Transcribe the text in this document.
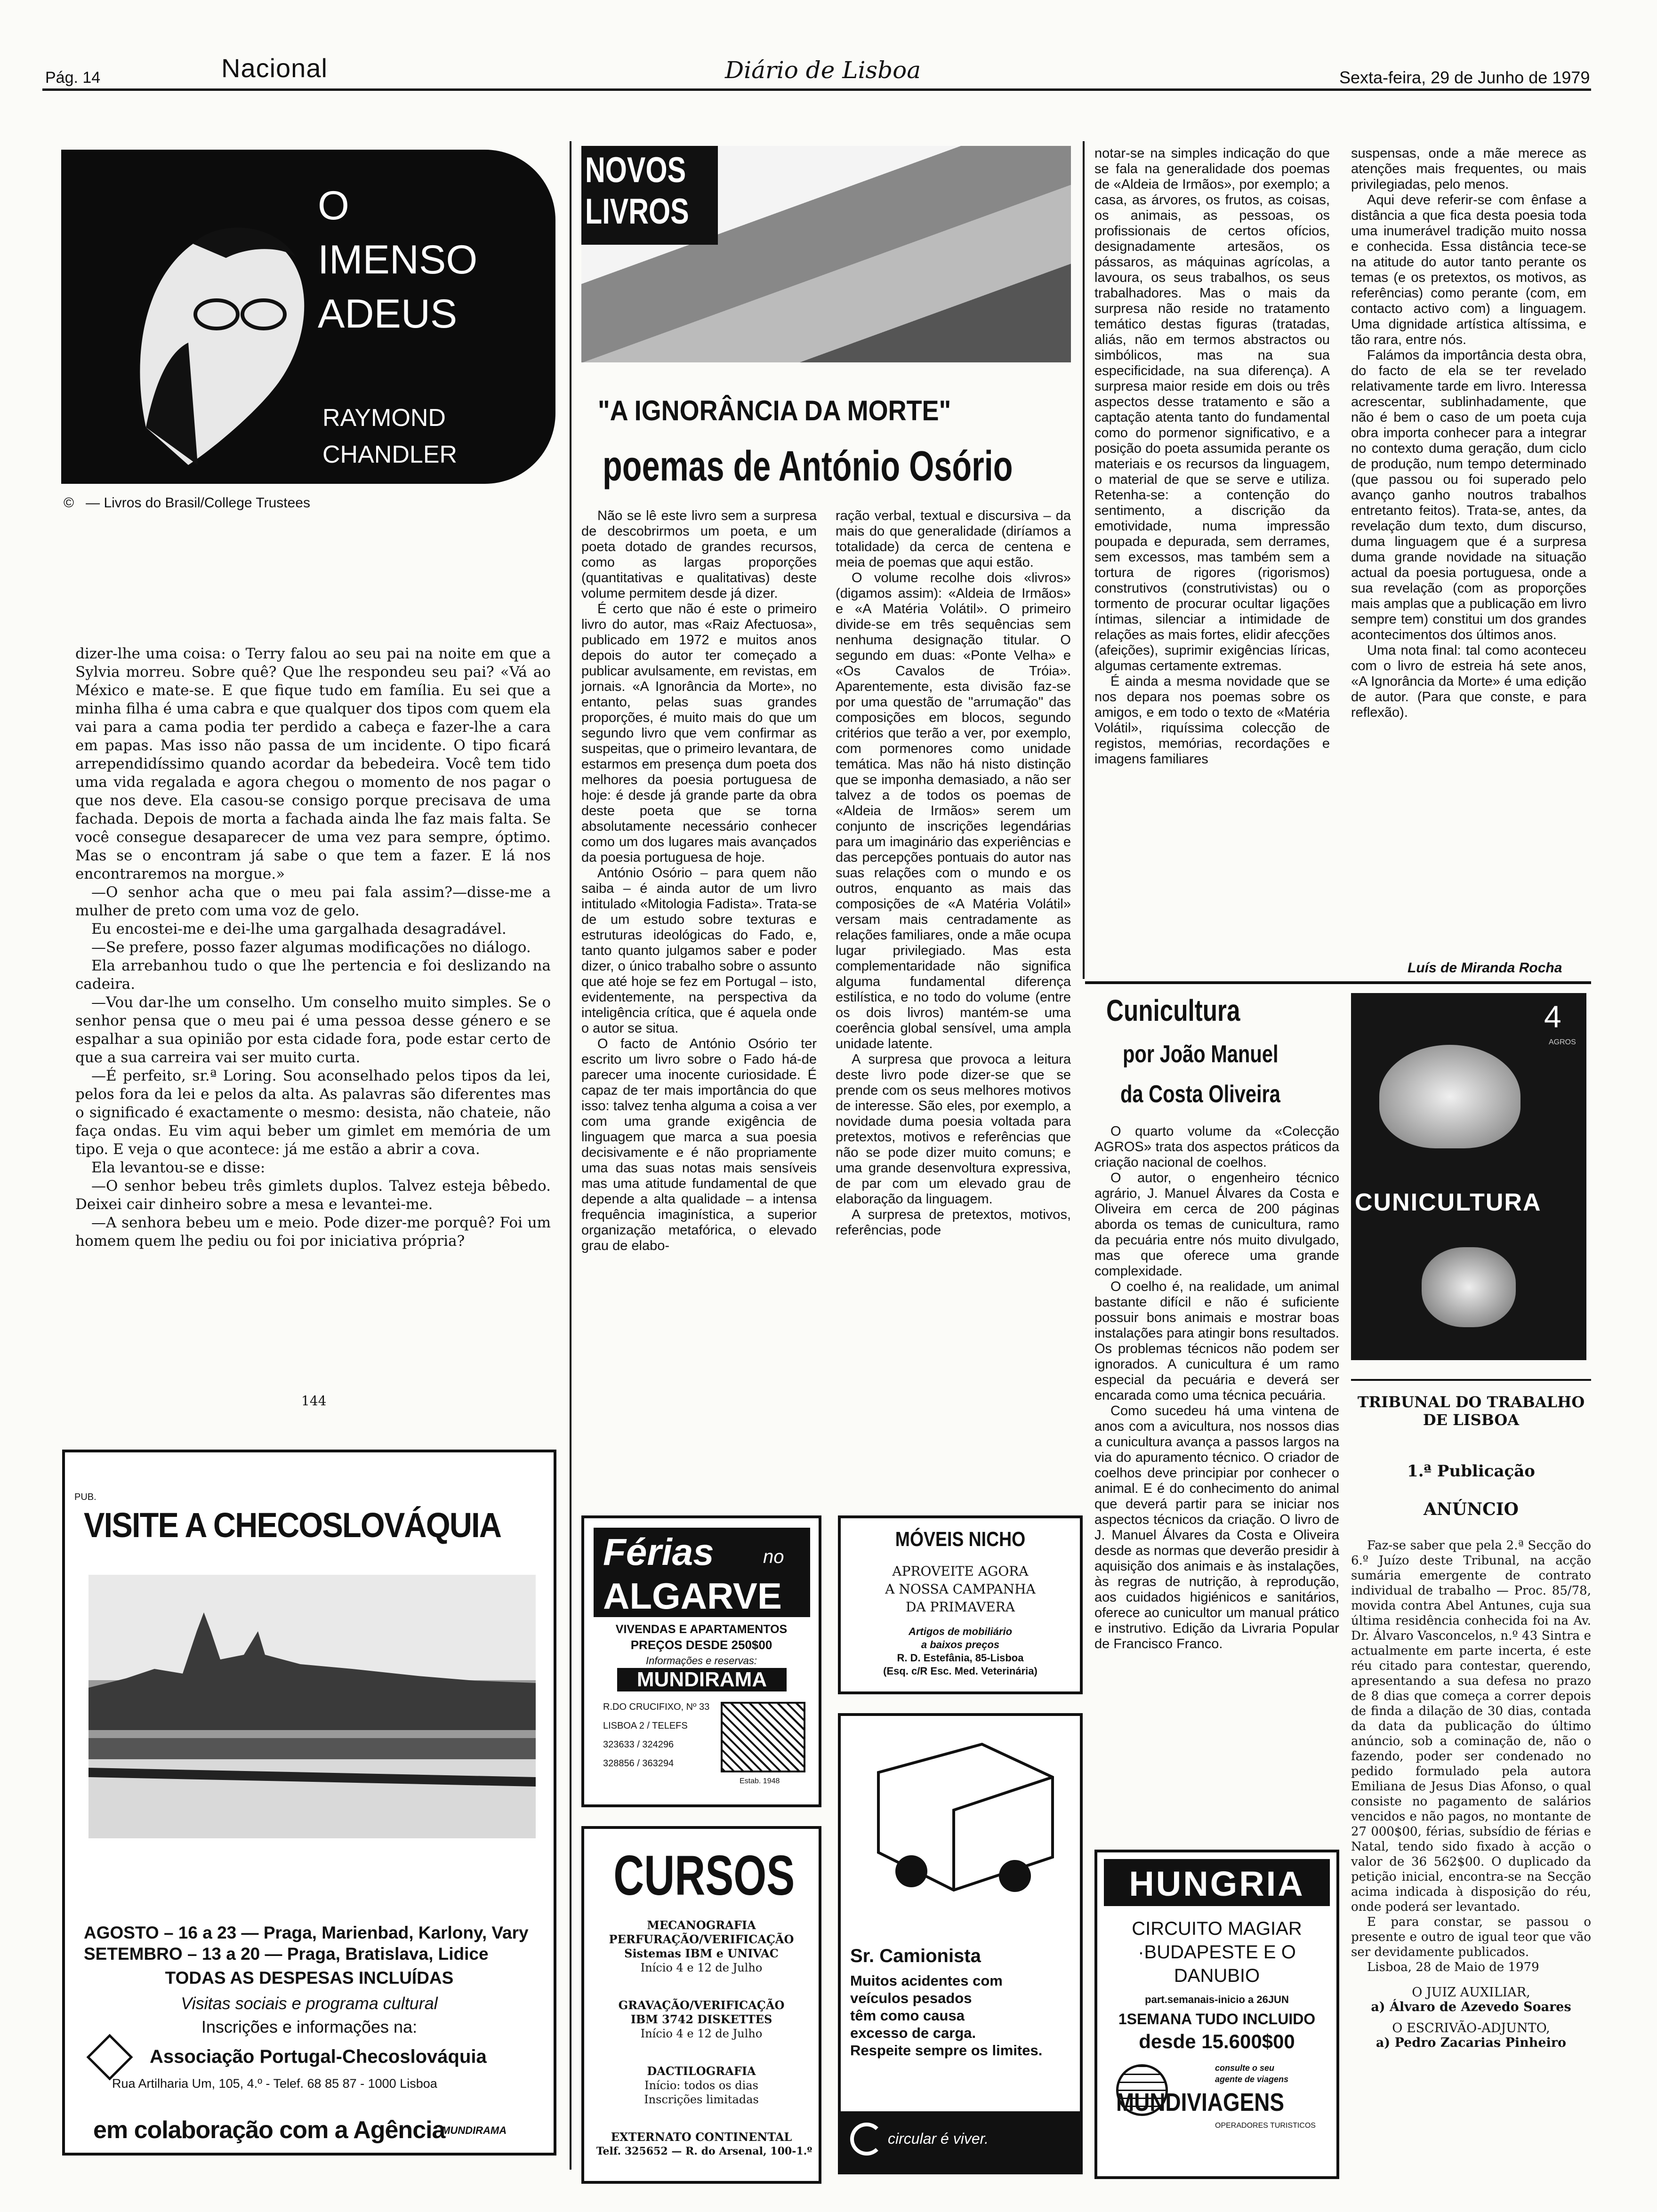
Pág. 14	Nacional	Diário de Lisboa	Sexta-feira, 29 de Junho de 1979
O
IMENSO
ADEUS
RAYMOND
CHANDLER
©   — Livros do Brasil/College Trustees

dizer-lhe uma coisa: o Terry falou ao seu pai na noite em que a Sylvia morreu. Sobre quê? Que lhe respondeu seu pai? «Vá ao México e mate-se. E que fique tudo em família. Eu sei que a minha filha é uma cabra e que qualquer dos tipos com quem ela vai para a cama podia ter perdido a cabeça e fazer-lhe a cara em papas. Mas isso não passa de um incidente. O tipo ficará arrependidíssimo quando acordar da bebedeira. Você tem tido uma vida regalada e agora chegou o momento de nos pagar o que nos deve. Ela casou-se consigo porque precisava de uma fachada. Depois de morta a fachada ainda lhe faz mais falta. Se você consegue desaparecer de uma vez para sempre, óptimo. Mas se o encontram já sabe o que tem a fazer. E lá nos encontraremos na morgue.»

—O senhor acha que o meu pai fala assim?—disse-me a mulher de preto com uma voz de gelo.

Eu encostei-me e dei-lhe uma gargalhada desagradável.

—Se prefere, posso fazer algumas modificações no diálogo.

Ela arrebanhou tudo o que lhe pertencia e foi deslizando na cadeira.

—Vou dar-lhe um conselho. Um conselho muito simples. Se o senhor pensa que o meu pai é uma pessoa desse género e se espalhar a sua opinião por esta cidade fora, pode estar certo de que a sua carreira vai ser muito curta.

—É perfeito, sr.ª Loring. Sou aconselhado pelos tipos da lei, pelos fora da lei e pelos da alta. As palavras são diferentes mas o significado é exactamente o mesmo: desista, não chateie, não faça ondas. Eu vim aqui beber um gimlet em memória de um tipo. E veja o que acontece: já me estão a abrir a cova.

Ela levantou-se e disse:

—O senhor bebeu três gimlets duplos. Talvez esteja bêbedo. Deixei cair dinheiro sobre a mesa e levantei-me.

—A senhora bebeu um e meio. Pode dizer-me porquê? Foi um homem quem lhe pediu ou foi por iniciativa própria?

144
PUB.
VISITE A CHECOSLOVÁQUIA
AGOSTO – 16 a 23 — Praga, Marienbad, Karlony, Vary
SETEMBRO – 13 a 20 — Praga, Bratislava, Lidice
TODAS AS DESPESAS INCLUÍDAS
Visitas sociais e programa cultural
Inscrições e informações na:
Associação Portugal-Checoslováquia
Rua Artilharia Um, 105, 4.º - Telef. 68 85 87 - 1000 Lisboa
em colaboração com a Agência
MUNDIRAMA
NOVOS
LIVROS
"A IGNORÂNCIA DA MORTE"
poemas de António Osório

Não se lê este livro sem a surpresa de descobrirmos um poeta, e um poeta dotado de grandes recursos, como as largas proporções (quantitativas e qualitativas) deste volume permitem desde já dizer.

É certo que não é este o primeiro livro do autor, mas «Raiz Afectuosa», publicado em 1972 e muitos anos depois do autor ter começado a publicar avulsamente, em revistas, em jornais. «A Ignorância da Morte», no entanto, pelas suas grandes proporções, é muito mais do que um segundo livro que vem confirmar as suspeitas, que o primeiro levantara, de estarmos em presença dum poeta dos melhores da poesia portuguesa de hoje: é desde já grande parte da obra deste poeta que se torna absolutamente necessário conhecer como um dos lugares mais avançados da poesia portuguesa de hoje.

António Osório – para quem não saiba – é ainda autor de um livro intitulado «Mitologia Fadista». Trata-se de um estudo sobre texturas e estruturas ideológicas do Fado, e, tanto quanto julgamos saber e poder dizer, o único trabalho sobre o assunto que até hoje se fez em Portugal – isto, evidentemente, na perspectiva da inteligência crítica, que é aquela onde o autor se situa.

O facto de António Osório ter escrito um livro sobre o Fado há-de parecer uma inocente curiosidade. É capaz de ter mais importância do que isso: talvez tenha alguma a coisa a ver com uma grande exigência de linguagem que marca a sua poesia decisivamente e é não propriamente uma das suas notas mais sensíveis mas uma atitude fundamental de que depende a alta qualidade – a intensa frequência imaginística, a superior organização metafórica, o elevado grau de elabo-

ração verbal, textual e discursiva – da mais do que generalidade (diríamos a totalidade) da cerca de centena e meia de poemas que aqui estão.

O volume recolhe dois «livros» (digamos assim): «Aldeia de Irmãos» e «A Matéria Volátil». O primeiro divide-se em três sequências sem nenhuma designação titular. O segundo em duas: «Ponte Velha» e «Os Cavalos de Tróia». Aparentemente, esta divisão faz-se por uma questão de "arrumação" das composições em blocos, segundo critérios que terão a ver, por exemplo, com pormenores como unidade temática. Mas não há nisto distinção que se imponha demasiado, a não ser talvez a de todos os poemas de «Aldeia de Irmãos» serem um conjunto de inscrições legendárias para um imaginário das experiências e das percepções pontuais do autor nas suas relações com o mundo e os outros, enquanto as mais das composições de «A Matéria Volátil» versam mais centradamente as relações familiares, onde a mãe ocupa lugar privilegiado. Mas esta complementaridade não significa alguma fundamental diferença estilística, e no todo do volume (entre os dois livros) mantém-se uma coerência global sensível, uma ampla unidade latente.

A surpresa que provoca a leitura deste livro pode dizer-se que se prende com os seus melhores motivos de interesse. São eles, por exemplo, a novidade duma poesia voltada para pretextos, motivos e referências que não se pode dizer muito comuns; e uma grande desenvoltura expressiva, de par com um elevado grau de elaboração da linguagem.

A surpresa de pretextos, motivos, referências, pode

notar-se na simples indicação do que se fala na generalidade dos poemas de «Aldeia de Irmãos», por exemplo; a casa, as árvores, os frutos, as coisas, os animais, as pessoas, os profissionais de certos ofícios, designadamente artesãos, os pássaros, as máquinas agrícolas, a lavoura, os seus trabalhos, os seus trabalhadores. Mas o mais da surpresa não reside no tratamento temático destas figuras (tratadas, aliás, não em termos abstractos ou simbólicos, mas na sua especificidade, na sua diferença). A surpresa maior reside em dois ou três aspectos desse tratamento e são a captação atenta tanto do fundamental como do pormenor significativo, e a posição do poeta assumida perante os materiais e os recursos da linguagem, o material de que se serve e utiliza. Retenha-se: a contenção do sentimento, a discrição da emotividade, numa impressão poupada e depurada, sem derrames, sem excessos, mas também sem a tortura de rigores (rigorismos) construtivos (construtivistas) ou o tormento de procurar ocultar ligações íntimas, silenciar a intimidade de relações as mais fortes, elidir afecções (afeições), suprimir exigências líricas, algumas certamente extremas.

É ainda a mesma novidade que se nos depara nos poemas sobre os amigos, e em todo o texto de «Matéria Volátil», riquíssima colecção de registos, memórias, recordações e imagens familiares

suspensas, onde a mãe merece as atenções mais frequentes, ou mais privilegiadas, pelo menos.

Aqui deve referir-se com ênfase a distância a que fica desta poesia toda uma inumerável tradição muito nossa e conhecida. Essa distância tece-se na atitude do autor tanto perante os temas (e os pretextos, os motivos, as referências) como perante (com, em contacto activo com) a linguagem. Uma dignidade artística altíssima, e tão rara, entre nós.

Falámos da importância desta obra, do facto de ela se ter revelado relativamente tarde em livro. Interessa acrescentar, sublinhadamente, que não é bem o caso de um poeta cuja obra importa conhecer para a integrar no contexto duma geração, dum ciclo de produção, num tempo determinado (que passou ou foi superado pelo avanço ganho noutros trabalhos entretanto feitos). Trata-se, antes, da revelação dum texto, dum discurso, duma linguagem que é a surpresa duma grande novidade na situação actual da poesia portuguesa, onde a sua revelação (com as proporções mais amplas que a publicação em livro sempre tem) constitui um dos grandes acontecimentos dos últimos anos.

Uma nota final: tal como aconteceu com o livro de estreia há sete anos, «A Ignorância da Morte» é uma edição de autor. (Para que conste, e para reflexão).

Luís de Miranda Rocha
Cunicultura
por João Manuel
da Costa Oliveira

O quarto volume da «Colecção AGROS» trata dos aspectos práticos da criação nacional de coelhos.

O autor, o engenheiro técnico agrário, J. Manuel Álvares da Costa e Oliveira em cerca de 200 páginas aborda os temas de cunicultura, ramo da pecuária entre nós muito divulgado, mas que oferece uma grande complexidade.

O coelho é, na realidade, um animal bastante difícil e não é suficiente possuir bons animais e mostrar boas instalações para atingir bons resultados. Os problemas técnicos não podem ser ignorados. A cunicultura é um ramo especial da pecuária e deverá ser encarada como uma técnica pecuária.

Como sucedeu há uma vintena de anos com a avicultura, nos nossos dias a cunicultura avança a passos largos na via do apuramento técnico. O criador de coelhos deve principiar por conhecer o animal. E é do conhecimento do animal que deverá partir para se iniciar nos aspectos técnicos da criação. O livro de J. Manuel Álvares da Costa e Oliveira desde as normas que deverão presidir à aquisição dos animais e às instalações, às regras de nutrição, à reprodução, aos cuidados higiénicos e sanitários, oferece ao cunicultor um manual prático e instrutivo. Edição da Livraria Popular de Francisco Franco.

4
AGROS
CUNICULTURA
TRIBUNAL DO TRABALHO
DE LISBOA
1.ª Publicação
ANÚNCIO

Faz-se saber que pela 2.ª Secção do 6.º Juízo deste Tribunal, na acção sumária emergente de contrato individual de trabalho — Proc. 85/78, movida contra Abel Antunes, cuja sua última residência conhecida foi na Av. Dr. Álvaro Vasconcelos, n.º 43 Sintra e actualmente em parte incerta, é este réu citado para contestar, querendo, apresentando a sua defesa no prazo de 8 dias que começa a correr depois de finda a dilação de 30 dias, contada da data da publicação do último anúncio, sob a cominação de, não o fazendo, poder ser condenado no pedido formulado pela autora Emiliana de Jesus Dias Afonso, o qual consiste no pagamento de salários vencidos e não pagos, no montante de 27 000$00, férias, subsídio de férias e Natal, tendo sido fixado à acção o valor de 36 562$00. O duplicado da petição inicial, encontra-se na Secção acima indicada à disposição do réu, onde poderá ser levantado.

E para constar, se passou o presente e outro de igual teor que vão ser devidamente publicados.

Lisboa, 28 de Maio de 1979

O JUIZ AUXILIAR,
a) Álvaro de Azevedo Soares
O ESCRIVÃO-ADJUNTO,
a) Pedro Zacarias Pinheiro
Férias	no
ALGARVE
VIVENDAS E APARTAMENTOS
PREÇOS DESDE 250$00
Informações e reservas:
MUNDIRAMA
R.DO CRUCIFIXO, Nº 33
LISBOA 2 / TELEFS
323633 / 324296
328856 / 363294
Estab. 1948
MÓVEIS NICHO
APROVEITE AGORA
A NOSSA CAMPANHA
DA PRIMAVERA
Artigos de mobiliário
a baixos preços
R. D. Estefânia, 85-Lisboa
(Esq. c/R Esc. Med. Veterinária)
CURSOS
MECANOGRAFIA
PERFURAÇÃO/VERIFICAÇÃO
Sistemas IBM e UNIVAC
Início 4 e 12 de Julho
GRAVAÇÃO/VERIFICAÇÃO
IBM 3742 DISKETTES
Início 4 e 12 de Julho
DACTILOGRAFIA
Início: todos os dias
Inscrições limitadas
EXTERNATO CONTINENTAL
Telf. 325652 — R. do Arsenal, 100-1.º
Sr. Camionista
Muitos acidentes com
veículos pesados
têm como causa
excesso de carga.
Respeite sempre os limites.
circular é viver.
HUNGRIA
CIRCUITO MAGIAR
·BUDAPESTE E O
DANUBIO
part.semanais-inicio a 26JUN
1SEMANA TUDO INCLUIDO
desde 15.600$00
consulte o seu
agente de viagens
MUNDIVIAGENS
OPERADORES TURISTICOS
